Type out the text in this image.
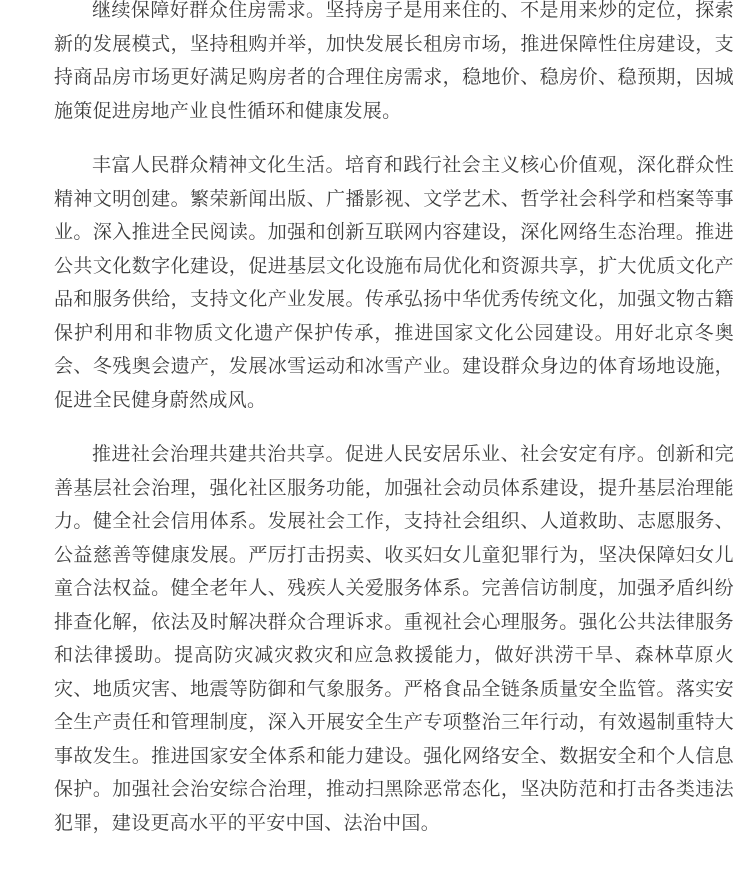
继续保障好群众住房需求。坚持房子是用来住的、不是用来炒的定位，探索新的发展模式，坚持租购并举，加快发展长租房市场，推进保障性住房建设，支持商品房市场更好满足购房者的合理住房需求，稳地价、稳房价、稳预期，因城施策促进房地产业良性循环和健康发展。

丰富人民群众精神文化生活。培育和践行社会主义核心价值观，深化群众性精神文明创建。繁荣新闻出版、广播影视、文学艺术、哲学社会科学和档案等事业。深入推进全民阅读。加强和创新互联网内容建设，深化网络生态治理。推进公共文化数字化建设，促进基层文化设施布局优化和资源共享，扩大优质文化产品和服务供给，支持文化产业发展。传承弘扬中华优秀传统文化，加强文物古籍保护利用和非物质文化遗产保护传承，推进国家文化公园建设。用好北京冬奥会、冬残奥会遗产，发展冰雪运动和冰雪产业。建设群众身边的体育场地设施，促进全民健身蔚然成风。

推进社会治理共建共治共享。促进人民安居乐业、社会安定有序。创新和完善基层社会治理，强化社区服务功能，加强社会动员体系建设，提升基层治理能力。健全社会信用体系。发展社会工作，支持社会组织、人道救助、志愿服务、公益慈善等健康发展。严厉打击拐卖、收买妇女儿童犯罪行为，坚决保障妇女儿童合法权益。健全老年人、残疾人关爱服务体系。完善信访制度，加强矛盾纠纷排查化解，依法及时解决群众合理诉求。重视社会心理服务。强化公共法律服务和法律援助。提高防灾减灾救灾和应急救援能力，做好洪涝干旱、森林草原火灾、地质灾害、地震等防御和气象服务。严格食品全链条质量安全监管。落实安全生产责任和管理制度，深入开展安全生产专项整治三年行动，有效遏制重特大事故发生。推进国家安全体系和能力建设。强化网络安全、数据安全和个人信息保护。加强社会治安综合治理，推动扫黑除恶常态化，坚决防范和打击各类违法犯罪，建设更高水平的平安中国、法治中国。
